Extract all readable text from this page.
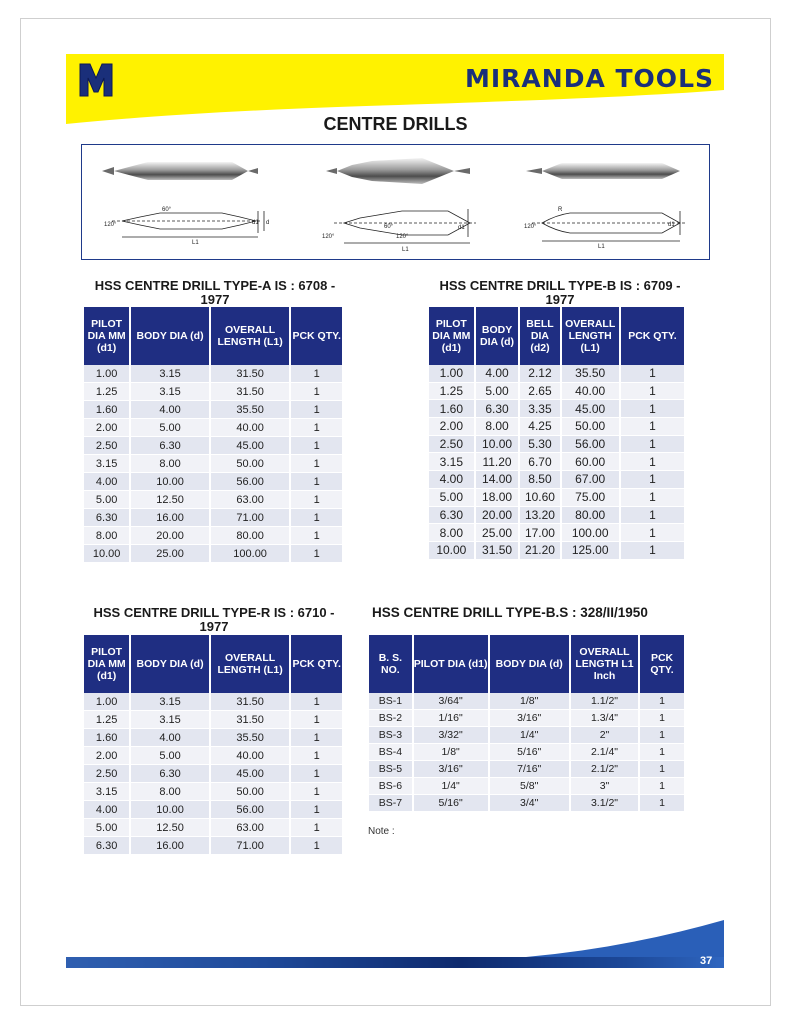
MIRANDA TOOLS
CENTRE DRILLS
120°
60°
L1
d1 d
120°
60°
120°
L1
d1	120°
R
L1
d1
HSS CENTRE DRILL TYPE-A IS : 6708 - 1977
PILOT DIA MM (d1)	BODY DIA (d)	OVERALL LENGTH (L1)	PCK QTY.
1.00	3.15	31.50	1
1.25	3.15	31.50	1
1.60	4.00	35.50	1
2.00	5.00	40.00	1
2.50	6.30	45.00	1
3.15	8.00	50.00	1
4.00	10.00	56.00	1
5.00	12.50	63.00	1
6.30	16.00	71.00	1
8.00	20.00	80.00	1
10.00	25.00	100.00	1
HSS CENTRE DRILL TYPE-B IS : 6709 - 1977
PILOT DIA MM (d1)	BODY DIA (d)	BELL DIA (d2)	OVERALL LENGTH (L1)	PCK QTY.
1.00	4.00	2.12	35.50	1
1.25	5.00	2.65	40.00	1
1.60	6.30	3.35	45.00	1
2.00	8.00	4.25	50.00	1
2.50	10.00	5.30	56.00	1
3.15	11.20	6.70	60.00	1
4.00	14.00	8.50	67.00	1
5.00	18.00	10.60	75.00	1
6.30	20.00	13.20	80.00	1
8.00	25.00	17.00	100.00	1
10.00	31.50	21.20	125.00	1
HSS CENTRE DRILL TYPE-R IS : 6710 - 1977
PILOT DIA MM (d1)	BODY DIA (d)	OVERALL LENGTH (L1)	PCK QTY.
1.00	3.15	31.50	1
1.25	3.15	31.50	1
1.60	4.00	35.50	1
2.00	5.00	40.00	1
2.50	6.30	45.00	1
3.15	8.00	50.00	1
4.00	10.00	56.00	1
5.00	12.50	63.00	1
6.30	16.00	71.00	1
HSS CENTRE DRILL TYPE-B.S : 328/II/1950
B. S. NO.	PILOT DIA (d1)	BODY DIA (d)	OVERALL LENGTH L1 Inch	PCK QTY.
BS-1	3/64"	1/8"	1.1/2"	1
BS-2	1/16"	3/16"	1.3/4"	1
BS-3	3/32"	1/4"	2"	1
BS-4	1/8"	5/16"	2.1/4"	1
BS-5	3/16"	7/16"	2.1/2"	1
BS-6	1/4"	5/8"	3"	1
BS-7	5/16"	3/4"	3.1/2"	1
Note :
37
